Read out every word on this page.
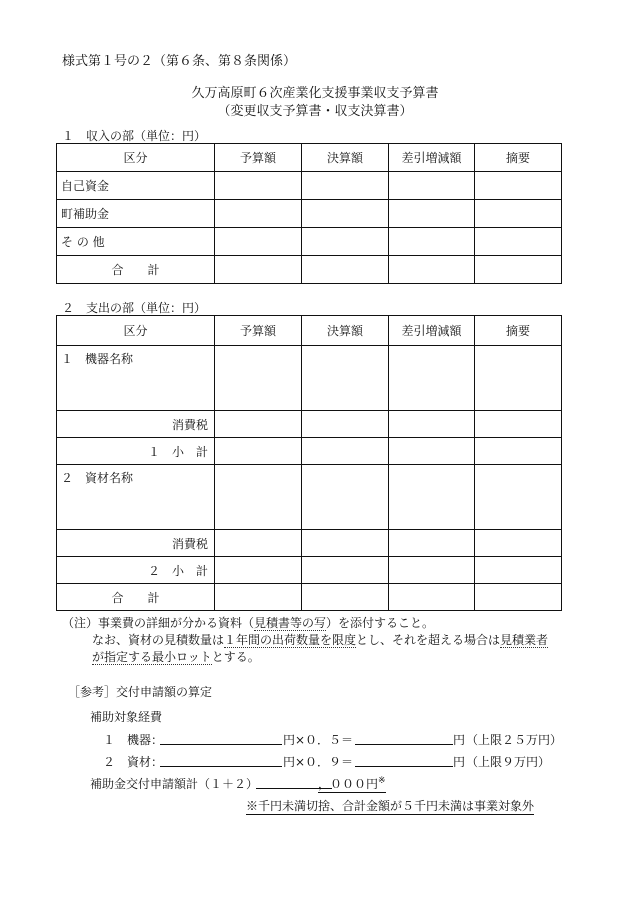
様式第１号の２（第６条、第８条関係）
久万高原町６次産業化支援事業収支予算書
（変更収支予算書・収支決算書）
１　収入の部（単位：円）
区分	予算額	決算額	差引増減額	摘要
自己資金				
町補助金				
そ の 他				
合　　計				
２　支出の部（単位：円）
区分	予算額	決算額	差引増減額	摘要
１　機器名称				
消費税				
１　小　計				
２　資材名称				
消費税				
２　小　計				
合　　計				
（注）事業費の詳細が分かる資料（見積書等の写）を添付すること。
なお、資材の見積数量は１年間の出荷数量を限度とし、それを超える場合は見積業者
が指定する最小ロットとする。
［参考］交付申請額の算定
補助対象経費
１　機器：	円×０．５＝	円 （上限２５万円）
２　資材：	円×０．９＝	円 （上限９万円）
補助金交付申請額計（１＋２）	，０００円※
※千円未満切捨、合計金額が５千円未満は事業対象外
